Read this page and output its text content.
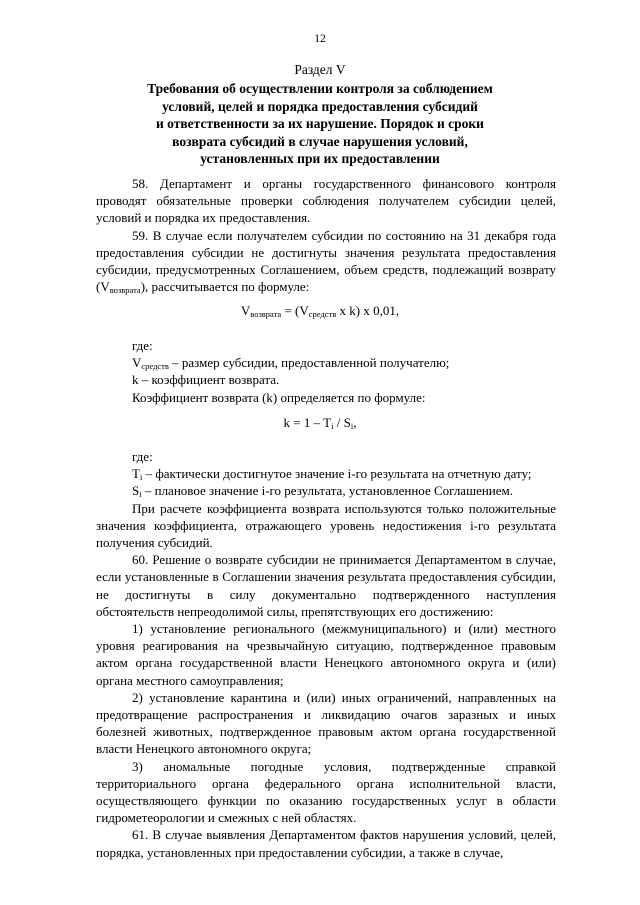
12
Раздел V
Требования об осуществлении контроля за соблюдением
условий, целей и порядка предоставления субсидий
и ответственности за их нарушение. Порядок и сроки
возврата субсидий в случае нарушения условий,
установленных при их предоставлении

58. Департамент и органы государственного финансового контроля проводят обязательные проверки соблюдения получателем субсидии целей, условий и порядка их предоставления.

59. В случае если получателем субсидии по состоянию на 31 декабря года предоставления субсидии не достигнуты значения результата предоставления субсидии, предусмотренных Соглашением, объем средств, подлежащий возврату $(V_{возврата})$, рассчитывается по формуле:

$V_{возврата} = (V_{средств}$ x k) x 0,01,

где:

$V_{средств}$ – размер субсидии, предоставленной получателю;

k – коэффициент возврата.

Коэффициент возврата (k) определяется по формуле:

$k = 1 - T_i / S_i$,

где:

$T_i$ – фактически достигнутое значение i-го результата на отчетную дату;

$S_i$ – плановое значение i-го результата, установленное Соглашением.

При расчете коэффициента возврата используются только положительные значения коэффициента, отражающего уровень недостижения i-го результата получения субсидий.

60. Решение о возврате субсидии не принимается Департаментом в случае, если установленные в Соглашении значения результата предоставления субсидии, не достигнуты в силу документально подтвержденного наступления обстоятельств непреодолимой силы, препятствующих его достижению:

1) установление регионального (межмуниципального) и (или) местного уровня реагирования на чрезвычайную ситуацию, подтвержденное правовым актом органа государственной власти Ненецкого автономного округа и (или) органа местного самоуправления;

2) установление карантина и (или) иных ограничений, направленных на предотвращение распространения и ликвидацию очагов заразных и иных болезней животных, подтвержденное правовым актом органа государственной власти Ненецкого автономного округа;

3) аномальные погодные условия, подтвержденные справкой территориального органа федерального органа исполнительной власти, осуществляющего функции по оказанию государственных услуг в области гидрометеорологии и смежных с ней областях.

61. В случае выявления Департаментом фактов нарушения условий, целей, порядка, установленных при предоставлении субсидии, а также в случае,
